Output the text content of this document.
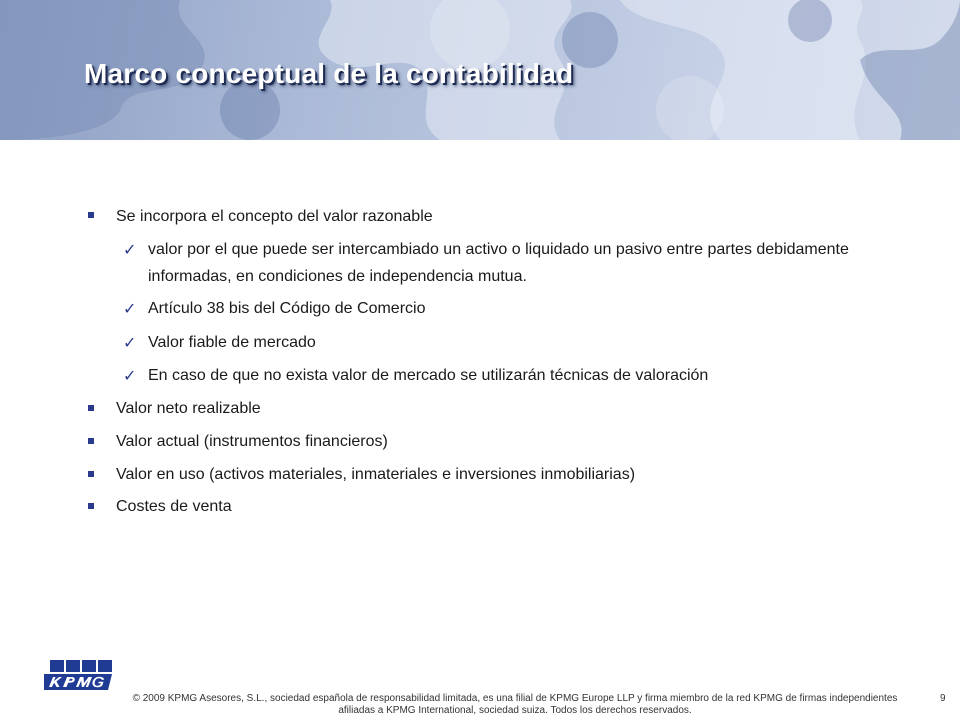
Marco conceptual de la contabilidad
Se incorpora el concepto del valor razonable
✓ valor por el que puede ser intercambiado un activo o liquidado un pasivo entre partes debidamente informadas, en condiciones de independencia mutua.
✓ Artículo 38 bis del Código de Comercio
✓ Valor fiable de mercado
✓ En caso de que no exista valor de mercado se utilizarán técnicas de valoración
Valor neto realizable
Valor actual (instrumentos financieros)
Valor en uso (activos materiales, inmateriales e inversiones inmobiliarias)
Costes de venta
© 2009 KPMG Asesores, S.L., sociedad española de responsabilidad limitada, es una filial de KPMG Europe LLP y firma miembro de la red KPMG de firmas independientes afiliadas a KPMG International, sociedad suiza. Todos los derechos reservados.
9
